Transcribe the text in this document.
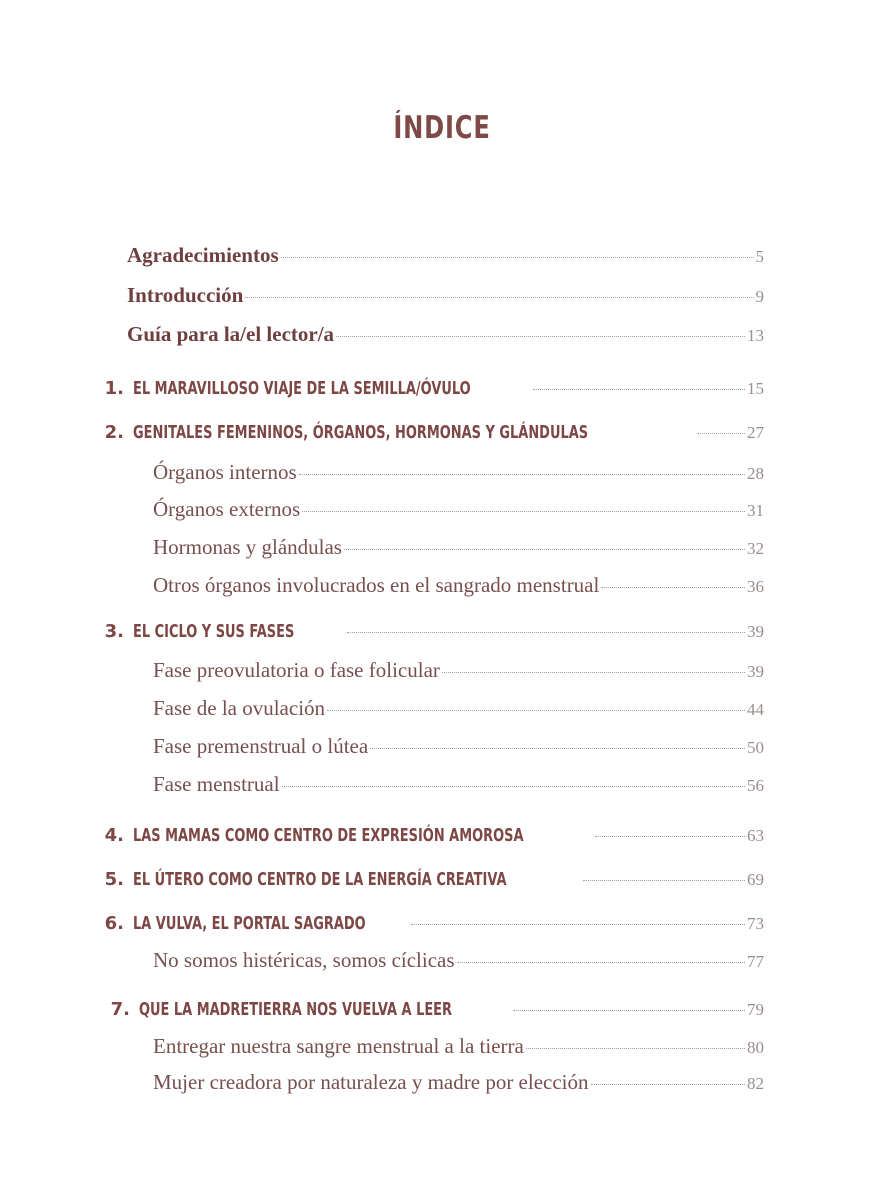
ÍNDICE
Agradecimientos	5
Introducción	9
Guía para la/el lector/a	13
1. EL MARAVILLOSO VIAJE DE LA SEMILLA/ÓVULO	15
2. GENITALES FEMENINOS, ÓRGANOS, HORMONAS Y GLÁNDULAS	27
Órganos internos	28
Órganos externos	31
Hormonas y glándulas	32
Otros órganos involucrados en el sangrado menstrual	36
3. EL CICLO Y SUS FASES	39
Fase preovulatoria o fase folicular	39
Fase de la ovulación	44
Fase premenstrual o lútea	50
Fase menstrual	56
4. LAS MAMAS COMO CENTRO DE EXPRESIÓN AMOROSA	63
5. EL ÚTERO COMO CENTRO DE LA ENERGÍA CREATIVA	69
6. LA VULVA, EL PORTAL SAGRADO	73
No somos histéricas, somos cíclicas	77
7. QUE LA MADRETIERRA NOS VUELVA A LEER	79
Entregar nuestra sangre menstrual a la tierra	80
Mujer creadora por naturaleza y madre por elección	82
